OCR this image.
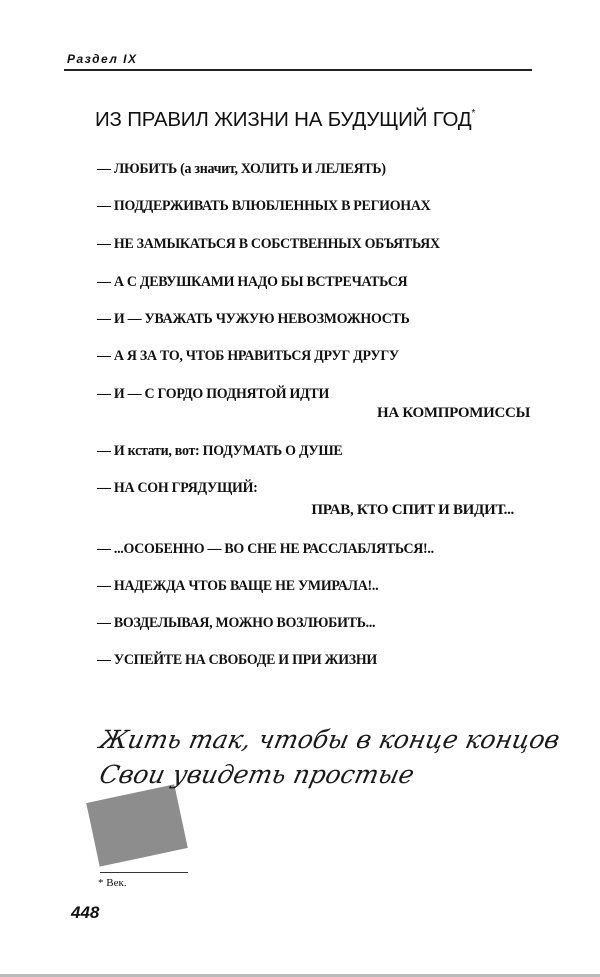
Раздел IX
ИЗ ПРАВИЛ ЖИЗНИ НА БУДУЩИЙ ГОД*
— ЛЮБИТЬ (а значит, ХОЛИТЬ И ЛЕЛЕЯТЬ)
— ПОДДЕРЖИВАТЬ ВЛЮБЛЕННЫХ В РЕГИОНАХ
— НЕ ЗАМЫКАТЬСЯ В СОБСТВЕННЫХ ОБЪЯТЬЯХ
— А С ДЕВУШКАМИ НАДО БЫ ВСТРЕЧАТЬСЯ
— И — УВАЖАТЬ ЧУЖУЮ НЕВОЗМОЖНОСТЬ
— А Я ЗА ТО, ЧТОБ НРАВИТЬСЯ ДРУГ ДРУГУ
— И — С ГОРДО ПОДНЯТОЙ ИДТИ
НА КОМПРОМИССЫ
— И кстати, вот: ПОДУМАТЬ О ДУШЕ
— НА СОН ГРЯДУЩИЙ:
ПРАВ, КТО СПИТ И ВИДИТ...
— ...ОСОБЕННО — ВО СНЕ НЕ РАССЛАБЛЯТЬСЯ!..
— НАДЕЖДА ЧТОБ ВАЩЕ НЕ УМИРАЛА!..
— ВОЗДЕЛЫВАЯ, МОЖНО ВОЗЛЮБИТЬ...
— УСПЕЙТЕ НА СВОБОДЕ И ПРИ ЖИЗНИ
Жить так, чтобы в конце концов
Свои увидеть простые
* Век.
448
